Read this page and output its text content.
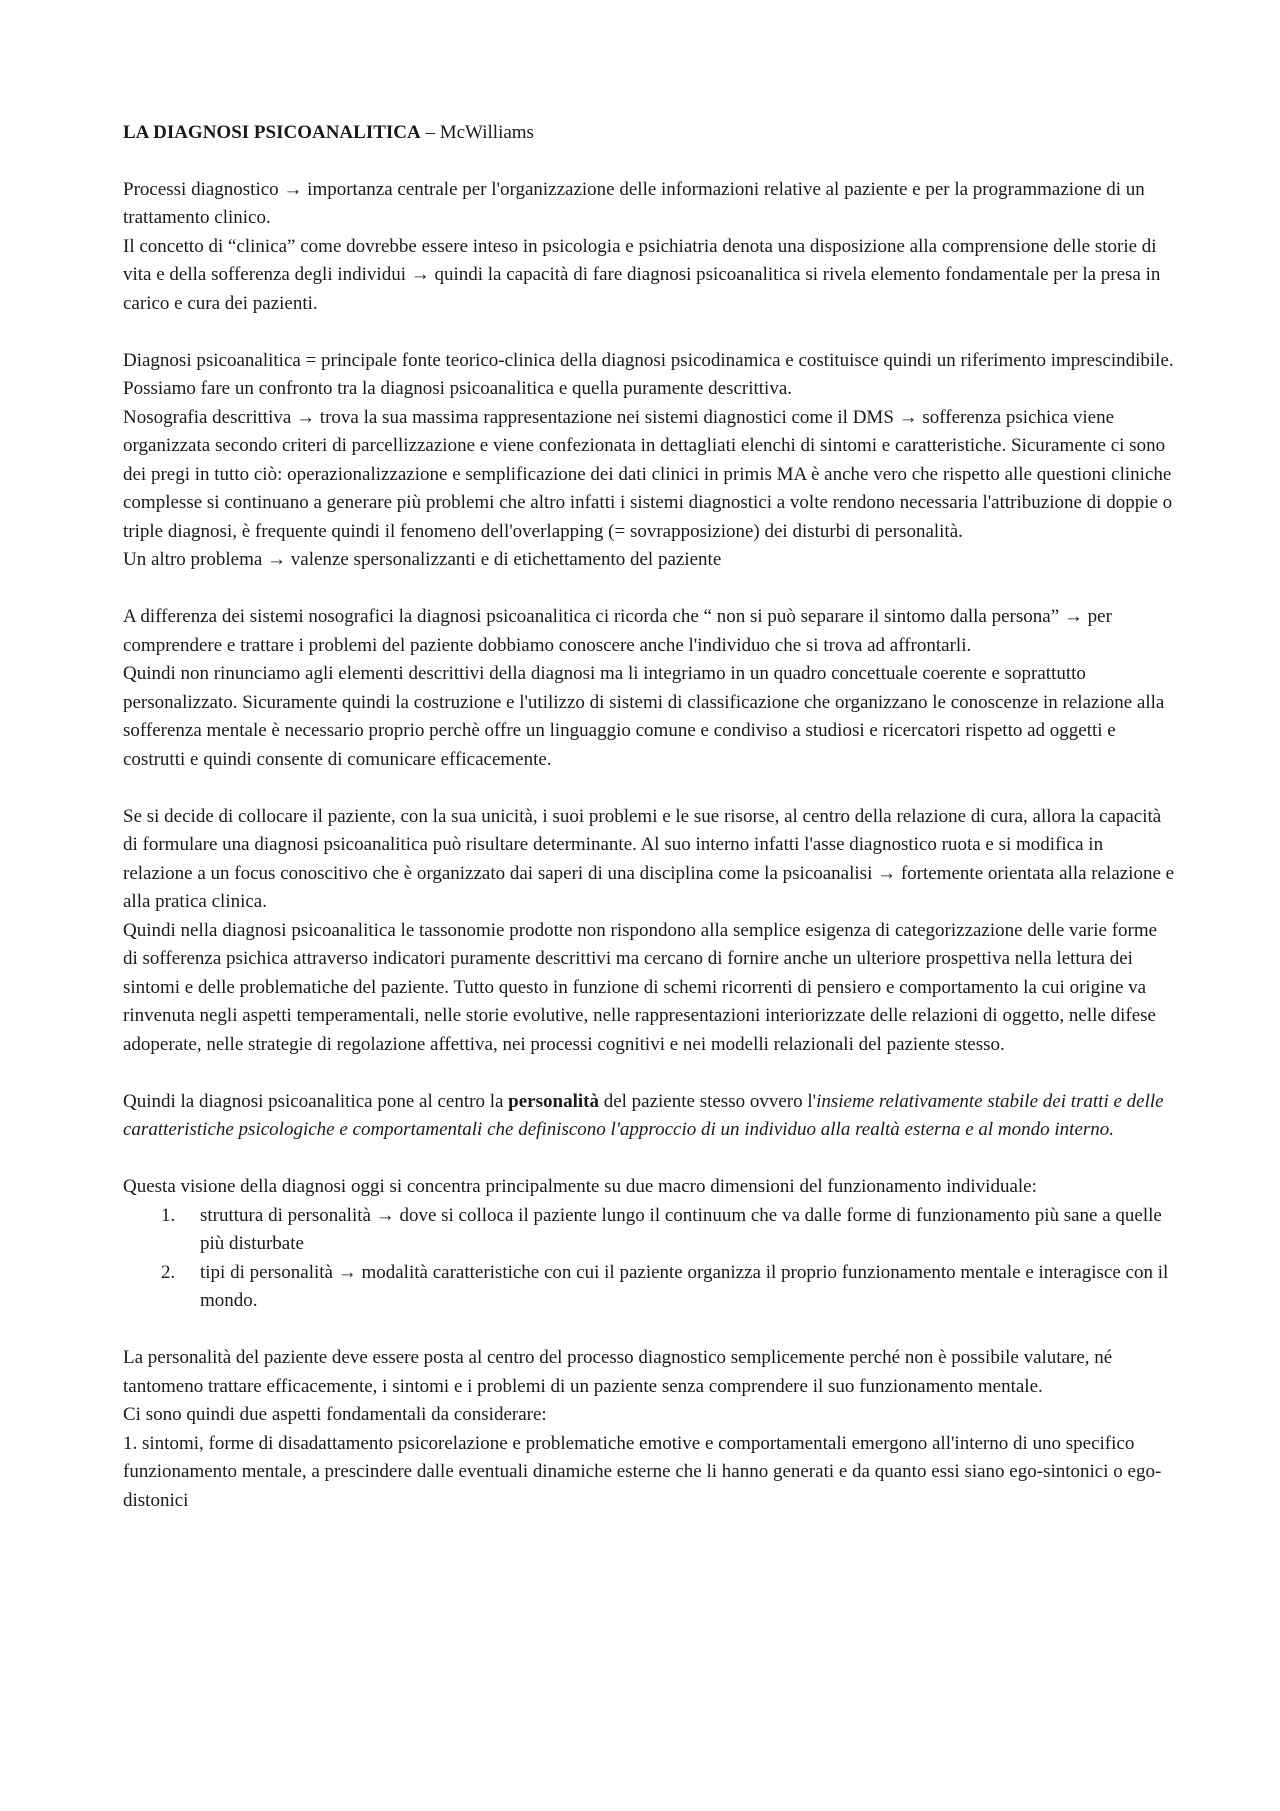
LA DIAGNOSI PSICOANALITICA – McWilliams

Processi diagnostico → importanza centrale per l'organizzazione delle informazioni relative al paziente e per la programmazione di un trattamento clinico.

Il concetto di “clinica” come dovrebbe essere inteso in psicologia e psichiatria denota una disposizione alla comprensione delle storie di vita e della sofferenza degli individui → quindi la capacità di fare diagnosi psicoanalitica si rivela elemento fondamentale per la presa in carico e cura dei pazienti.

Diagnosi psicoanalitica = principale fonte teorico-clinica della diagnosi psicodinamica e costituisce quindi un riferimento imprescindibile.

Possiamo fare un confronto tra la diagnosi psicoanalitica e quella puramente descrittiva.

Nosografia descrittiva → trova la sua massima rappresentazione nei sistemi diagnostici come il DMS → sofferenza psichica viene organizzata secondo criteri di parcellizzazione e viene confezionata in dettagliati elenchi di sintomi e caratteristiche. Sicuramente ci sono dei pregi in tutto ciò: operazionalizzazione e semplificazione dei dati clinici in primis MA è anche vero che rispetto alle questioni cliniche complesse si continuano a generare più problemi che altro infatti i sistemi diagnostici a volte rendono necessaria l'attribuzione di doppie o triple diagnosi, è frequente quindi il fenomeno dell'overlapping (= sovrapposizione) dei disturbi di personalità.

Un altro problema → valenze spersonalizzanti e di etichettamento del paziente

A differenza dei sistemi nosografici la diagnosi psicoanalitica ci ricorda che “ non si può separare il sintomo dalla persona” → per comprendere e trattare i problemi del paziente dobbiamo conoscere anche l'individuo che si trova ad affrontarli.

Quindi non rinunciamo agli elementi descrittivi della diagnosi ma li integriamo in un quadro concettuale coerente e soprattutto personalizzato. Sicuramente quindi la costruzione e l'utilizzo di sistemi di classificazione che organizzano le conoscenze in relazione alla sofferenza mentale è necessario proprio perchè offre un linguaggio comune e condiviso a studiosi e ricercatori rispetto ad oggetti e costrutti e quindi consente di comunicare efficacemente.

Se si decide di collocare il paziente, con la sua unicità, i suoi problemi e le sue risorse, al centro della relazione di cura, allora la capacità di formulare una diagnosi psicoanalitica può risultare determinante. Al suo interno infatti l'asse diagnostico ruota e si modifica in relazione a un focus conoscitivo che è organizzato dai saperi di una disciplina come la psicoanalisi → fortemente orientata alla relazione e alla pratica clinica.

Quindi nella diagnosi psicoanalitica le tassonomie prodotte non rispondono alla semplice esigenza di categorizzazione delle varie forme di sofferenza psichica attraverso indicatori puramente descrittivi ma cercano di fornire anche un ulteriore prospettiva nella lettura dei sintomi e delle problematiche del paziente. Tutto questo in funzione di schemi ricorrenti di pensiero e comportamento la cui origine va rinvenuta negli aspetti temperamentali, nelle storie evolutive, nelle rappresentazioni interiorizzate delle relazioni di oggetto, nelle difese adoperate, nelle strategie di regolazione affettiva, nei processi cognitivi e nei modelli relazionali del paziente stesso.

Quindi la diagnosi psicoanalitica pone al centro la personalità del paziente stesso ovvero l'insieme relativamente stabile dei tratti e delle caratteristiche psicologiche e comportamentali che definiscono l'approccio di un individuo alla realtà esterna e al mondo interno.

Questa visione della diagnosi oggi si concentra principalmente su due macro dimensioni del funzionamento individuale:

1. struttura di personalità → dove si colloca il paziente lungo il continuum che va dalle forme di funzionamento più sane a quelle più disturbate
2. tipi di personalità → modalità caratteristiche con cui il paziente organizza il proprio funzionamento mentale e interagisce con il mondo.

La personalità del paziente deve essere posta al centro del processo diagnostico semplicemente perché non è possibile valutare, né tantomeno trattare efficacemente, i sintomi e i problemi di un paziente senza comprendere il suo funzionamento mentale.

Ci sono quindi due aspetti fondamentali da considerare:

1. sintomi, forme di disadattamento psicorelazione e problematiche emotive e comportamentali emergono all'interno di uno specifico funzionamento mentale, a prescindere dalle eventuali dinamiche esterne che li hanno generati e da quanto essi siano ego-sintonici o ego-distonici
